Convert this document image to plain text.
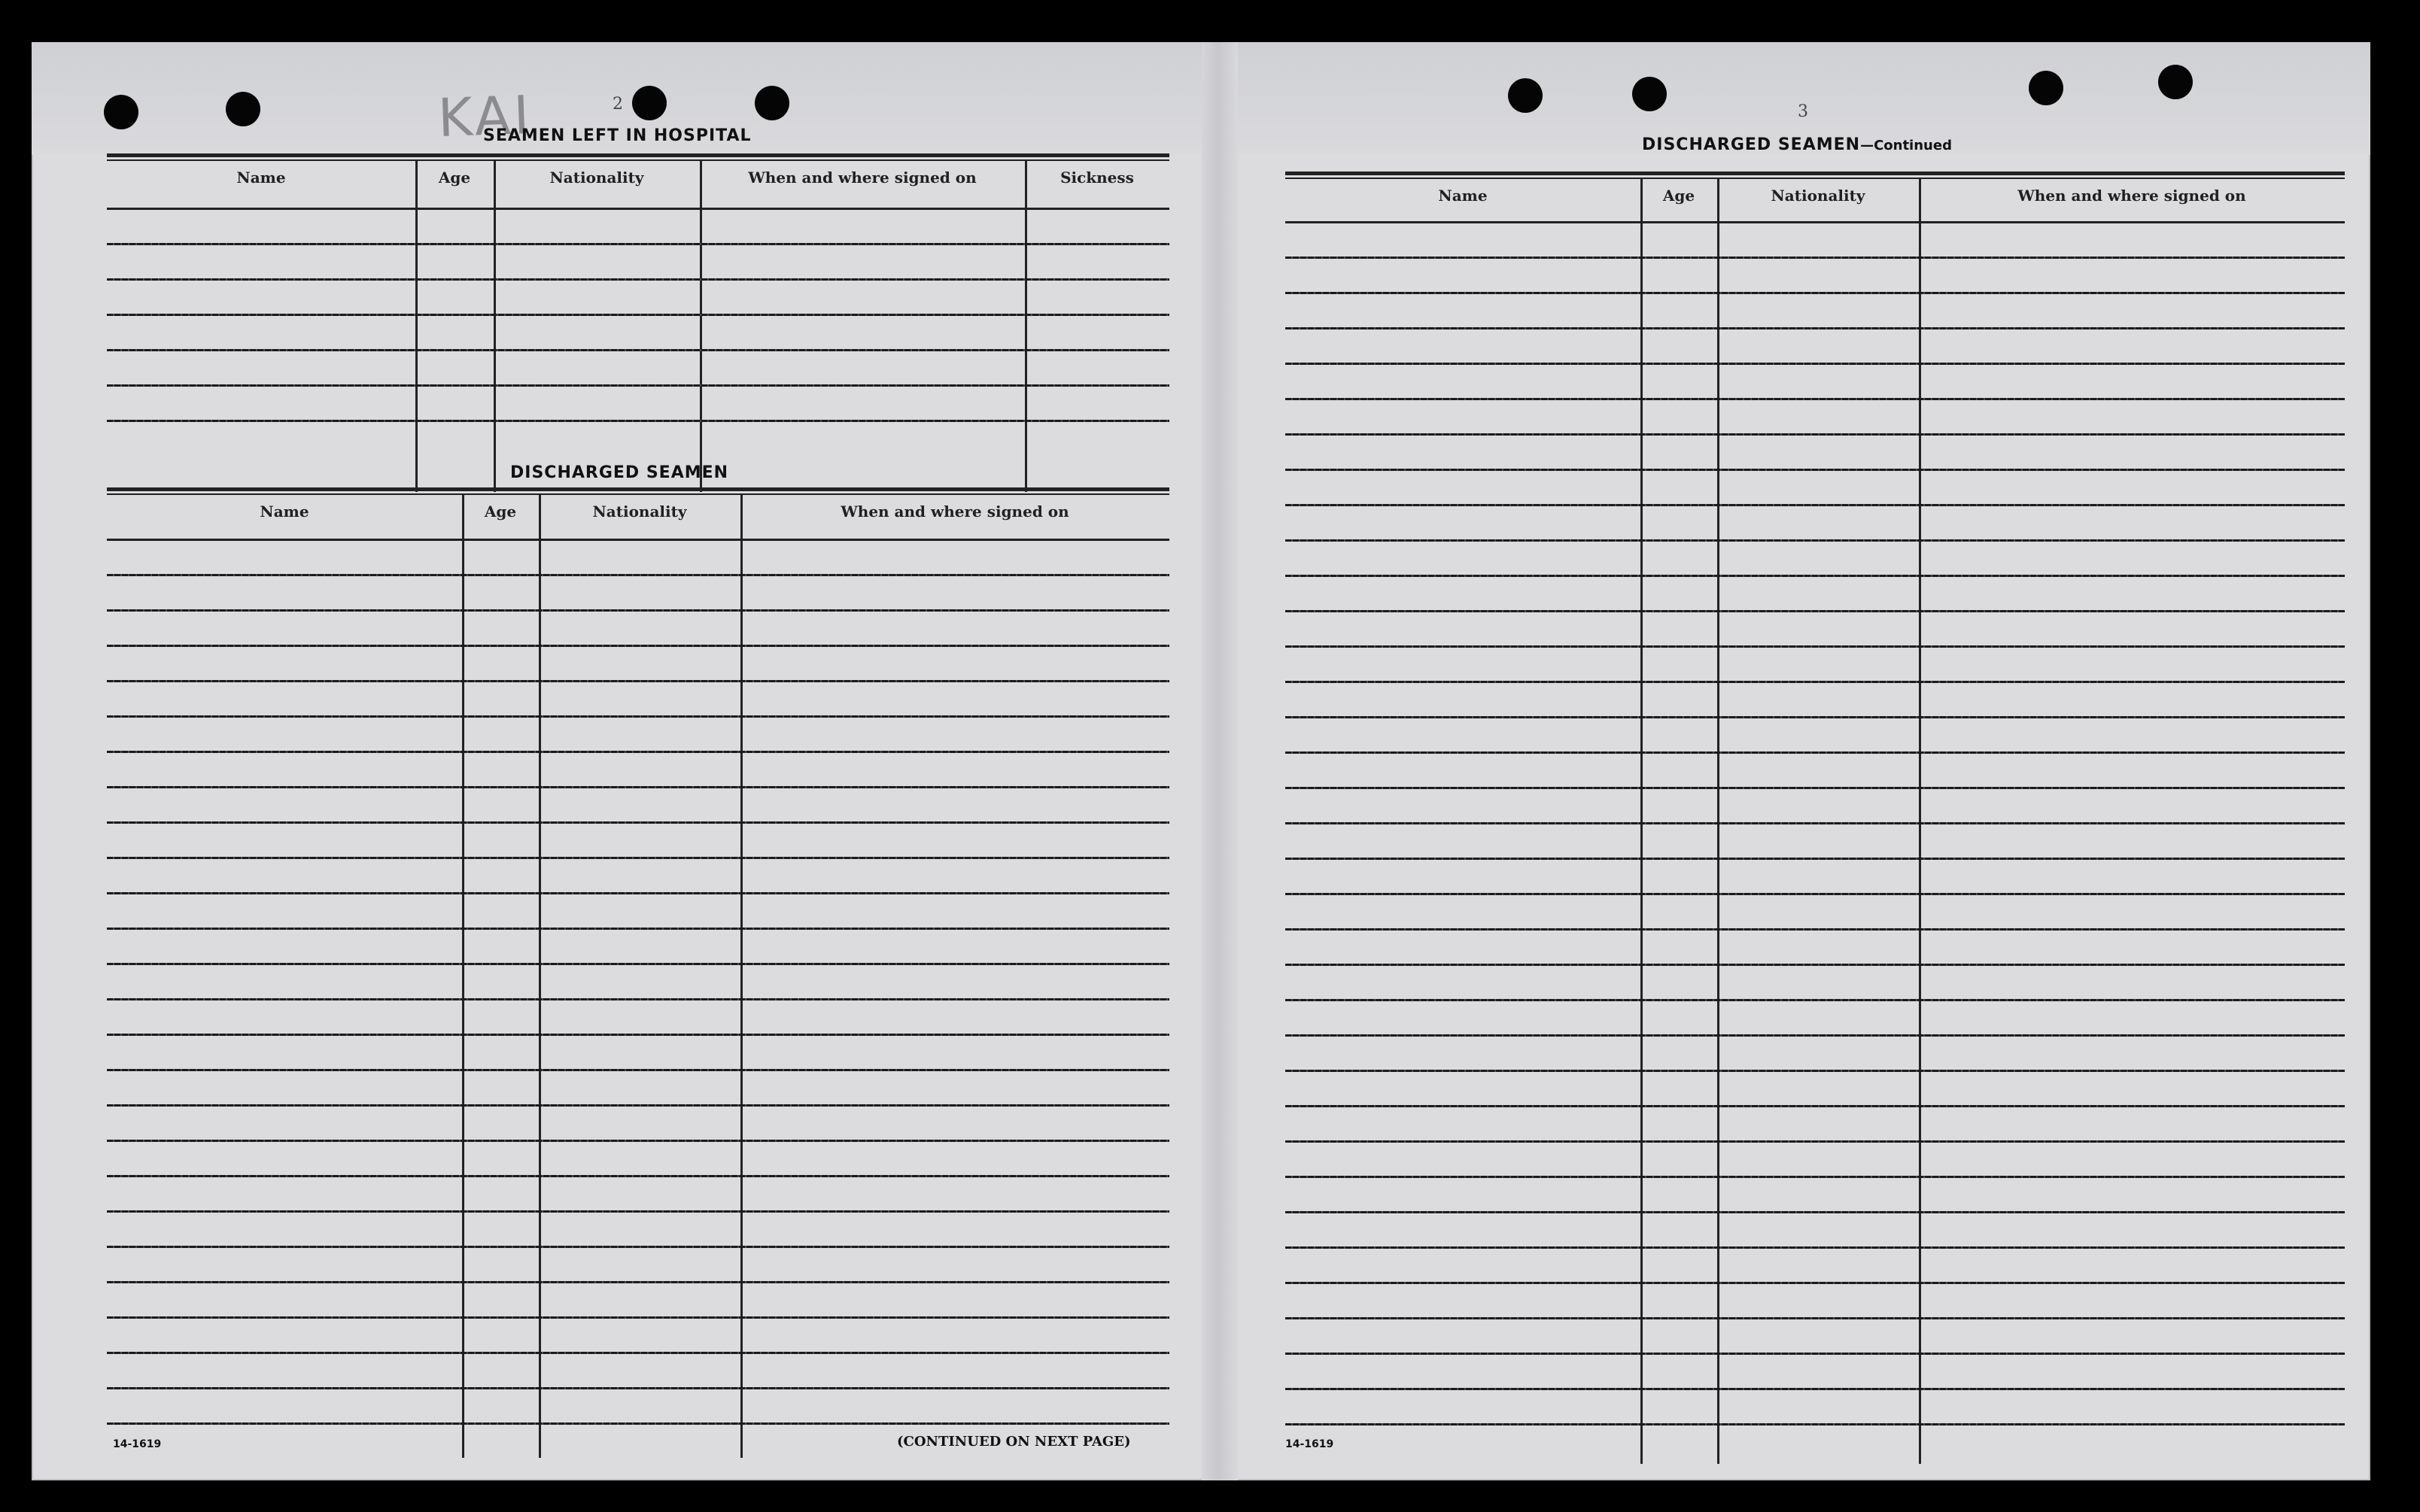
KAI	2
SEAMEN LEFT IN HOSPITAL
Name	Age	Nationality	When and where signed on	Sickness
DISCHARGED SEAMEN
Name	Age	Nationality	When and where signed on
14-1619	(CONTINUED ON NEXT PAGE)
3
DISCHARGED SEAMEN—Continued
Name	Age	Nationality	When and where signed on
14-1619
